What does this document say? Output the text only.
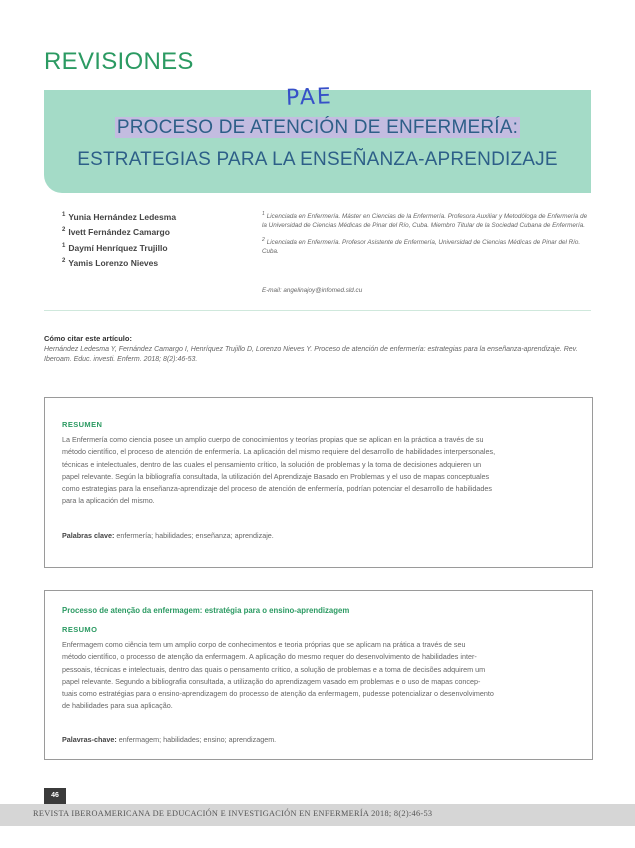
REVISIONES
PAE
PROCESO DE ATENCIÓN DE ENFERMERÍA:
ESTRATEGIAS PARA LA ENSEÑANZA-APRENDIZAJE
$^1$ Yunia Hernández Ledesma
$^2$ Ivett Fernández Camargo
$^1$ Daymí Henríquez Trujillo
$^2$ Yamis Lorenzo Nieves

$^1$ Licenciada en Enfermería. Máster en Ciencias de la Enfermería. Profesora Auxiliar y Metodóloga de Enfermería de la Universidad de Ciencias Médicas de Pinar del Río, Cuba. Miembro Titular de la Sociedad Cubana de Enfermería.

$^2$ Licenciada en Enfermería. Profesor Asistente de Enfermería, Universidad de Ciencias Médicas de Pinar del Río. Cuba.

E-mail: angelinajoy@infomed.sld.cu
Cómo citar este artículo:
Hernández Ledesma Y, Fernández Camargo I, Henríquez Trujillo D, Lorenzo Nieves Y. Proceso de atención de enfermería: estrategias para la enseñanza-aprendizaje. Rev. Iberoam. Educ. investi. Enferm. 2018; 8(2):46-53.
RESUMEN
La Enfermería como ciencia posee un amplio cuerpo de conocimientos y teorías propias que se aplican en la práctica a través de su
método científico, el proceso de atención de enfermería. La aplicación del mismo requiere del desarrollo de habilidades interpersonales,
técnicas e intelectuales, dentro de las cuales el pensamiento crítico, la solución de problemas y la toma de decisiones adquieren un
papel relevante. Según la bibliografía consultada, la utilización del Aprendizaje Basado en Problemas y el uso de mapas conceptuales
como estrategias para la enseñanza-aprendizaje del proceso de atención de enfermería, podrían potenciar el desarrollo de habilidades
para la aplicación del mismo.
Palabras clave: enfermería; habilidades; enseñanza; aprendizaje.
Processo de atenção da enfermagem: estratégia para o ensino-aprendizagem
RESUMO
Enfermagem como ciência tem um amplio corpo de conhecimentos e teoria próprias que se aplicam na prática a través de seu
método científico, o processo de atenção da enfermagem. A aplicação do mesmo requer do desenvolvimento de habilidades inter-
pessoais, técnicas e intelectuais, dentro das quais o pensamento crítico, a solução de problemas e a toma de decisões adquirem um
papel relevante. Segundo a bibliografia consultada, a utilização do aprendizagem vasado em problemas e o uso de mapas concep-
tuais como estratégias para o ensino-aprendizagem do processo de atenção da enfermagem, pudesse potencializar o desenvolvimento
de habilidades para sua aplicação.
Palavras-chave: enfermagem; habilidades; ensino; aprendizagem.
46
REVISTA IBEROAMERICANA DE EDUCACIÓN E INVESTIGACIÓN EN ENFERMERÍA 2018; 8(2):46-53
